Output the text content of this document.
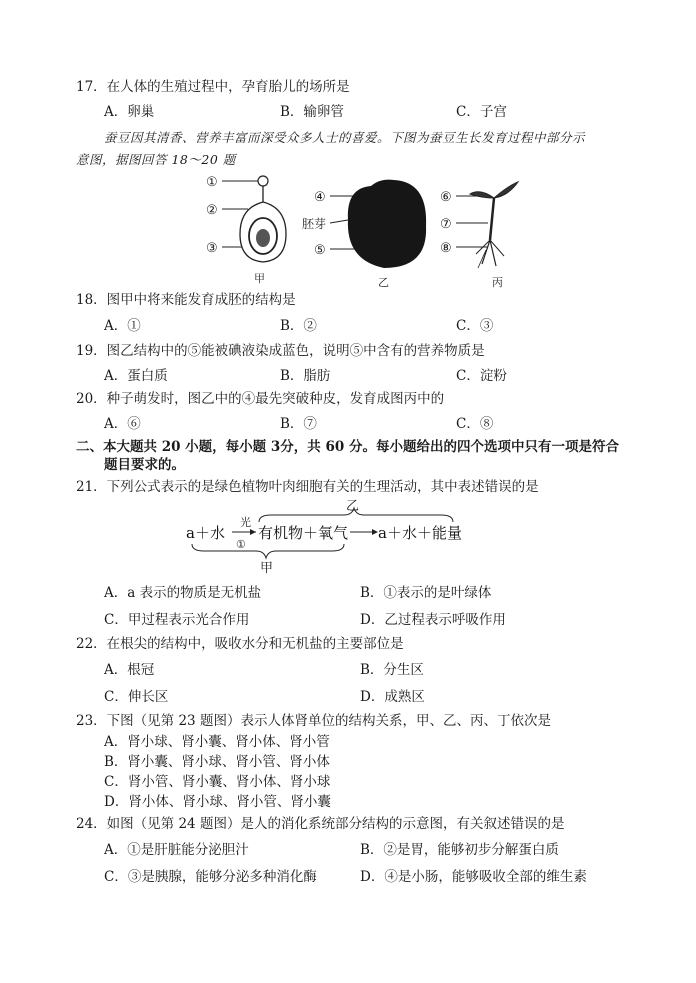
17．在人体的生殖过程中，孕育胎儿的场所是
A．卵巢	B．输卵管	C．子宫
蚕豆因其清香、营养丰富而深受众多人士的喜爱。下图为蚕豆生长发育过程中部分示
意图，据图回答 18～20 题
①
②
③
甲
④
胚芽
⑤
乙
⑥
⑦
⑧
丙
18．图甲中将来能发育成胚的结构是
A．①	B．②	C．③
19．图乙结构中的⑤能被碘液染成蓝色，说明⑤中含有的营养物质是
A．蛋白质	B．脂肪	C．淀粉
20．种子萌发时，图乙中的④最先突破种皮，发育成图丙中的
A．⑥	B．⑦	C．⑧
二、本大题共 20 小题，每小题 3分，共 60 分。每小题给出的四个选项中只有一项是符合
题目要求的。
21．下列公式表示的是绿色植物叶肉细胞有关的生理活动，其中表述错误的是
乙
a＋水
光
①
有机物＋氧气 a＋水＋能量
甲
A．a 表示的物质是无机盐	B．①表示的是叶绿体
C．甲过程表示光合作用	D．乙过程表示呼吸作用
22．在根尖的结构中，吸收水分和无机盐的主要部位是
A．根冠	B．分生区
C．伸长区	D．成熟区
23．下图（见第 23 题图）表示人体肾单位的结构关系，甲、乙、丙、丁依次是
A．肾小球、肾小囊、肾小体、肾小管
B．肾小囊、肾小球、肾小管、肾小体
C．肾小管、肾小囊、肾小体、肾小球
D．肾小体、肾小球、肾小管、肾小囊
24．如图（见第 24 题图）是人的消化系统部分结构的示意图，有关叙述错误的是
A．①是肝脏能分泌胆汁	B．②是胃，能够初步分解蛋白质
C．③是胰腺，能够分泌多种消化酶	D．④是小肠，能够吸收全部的维生素
